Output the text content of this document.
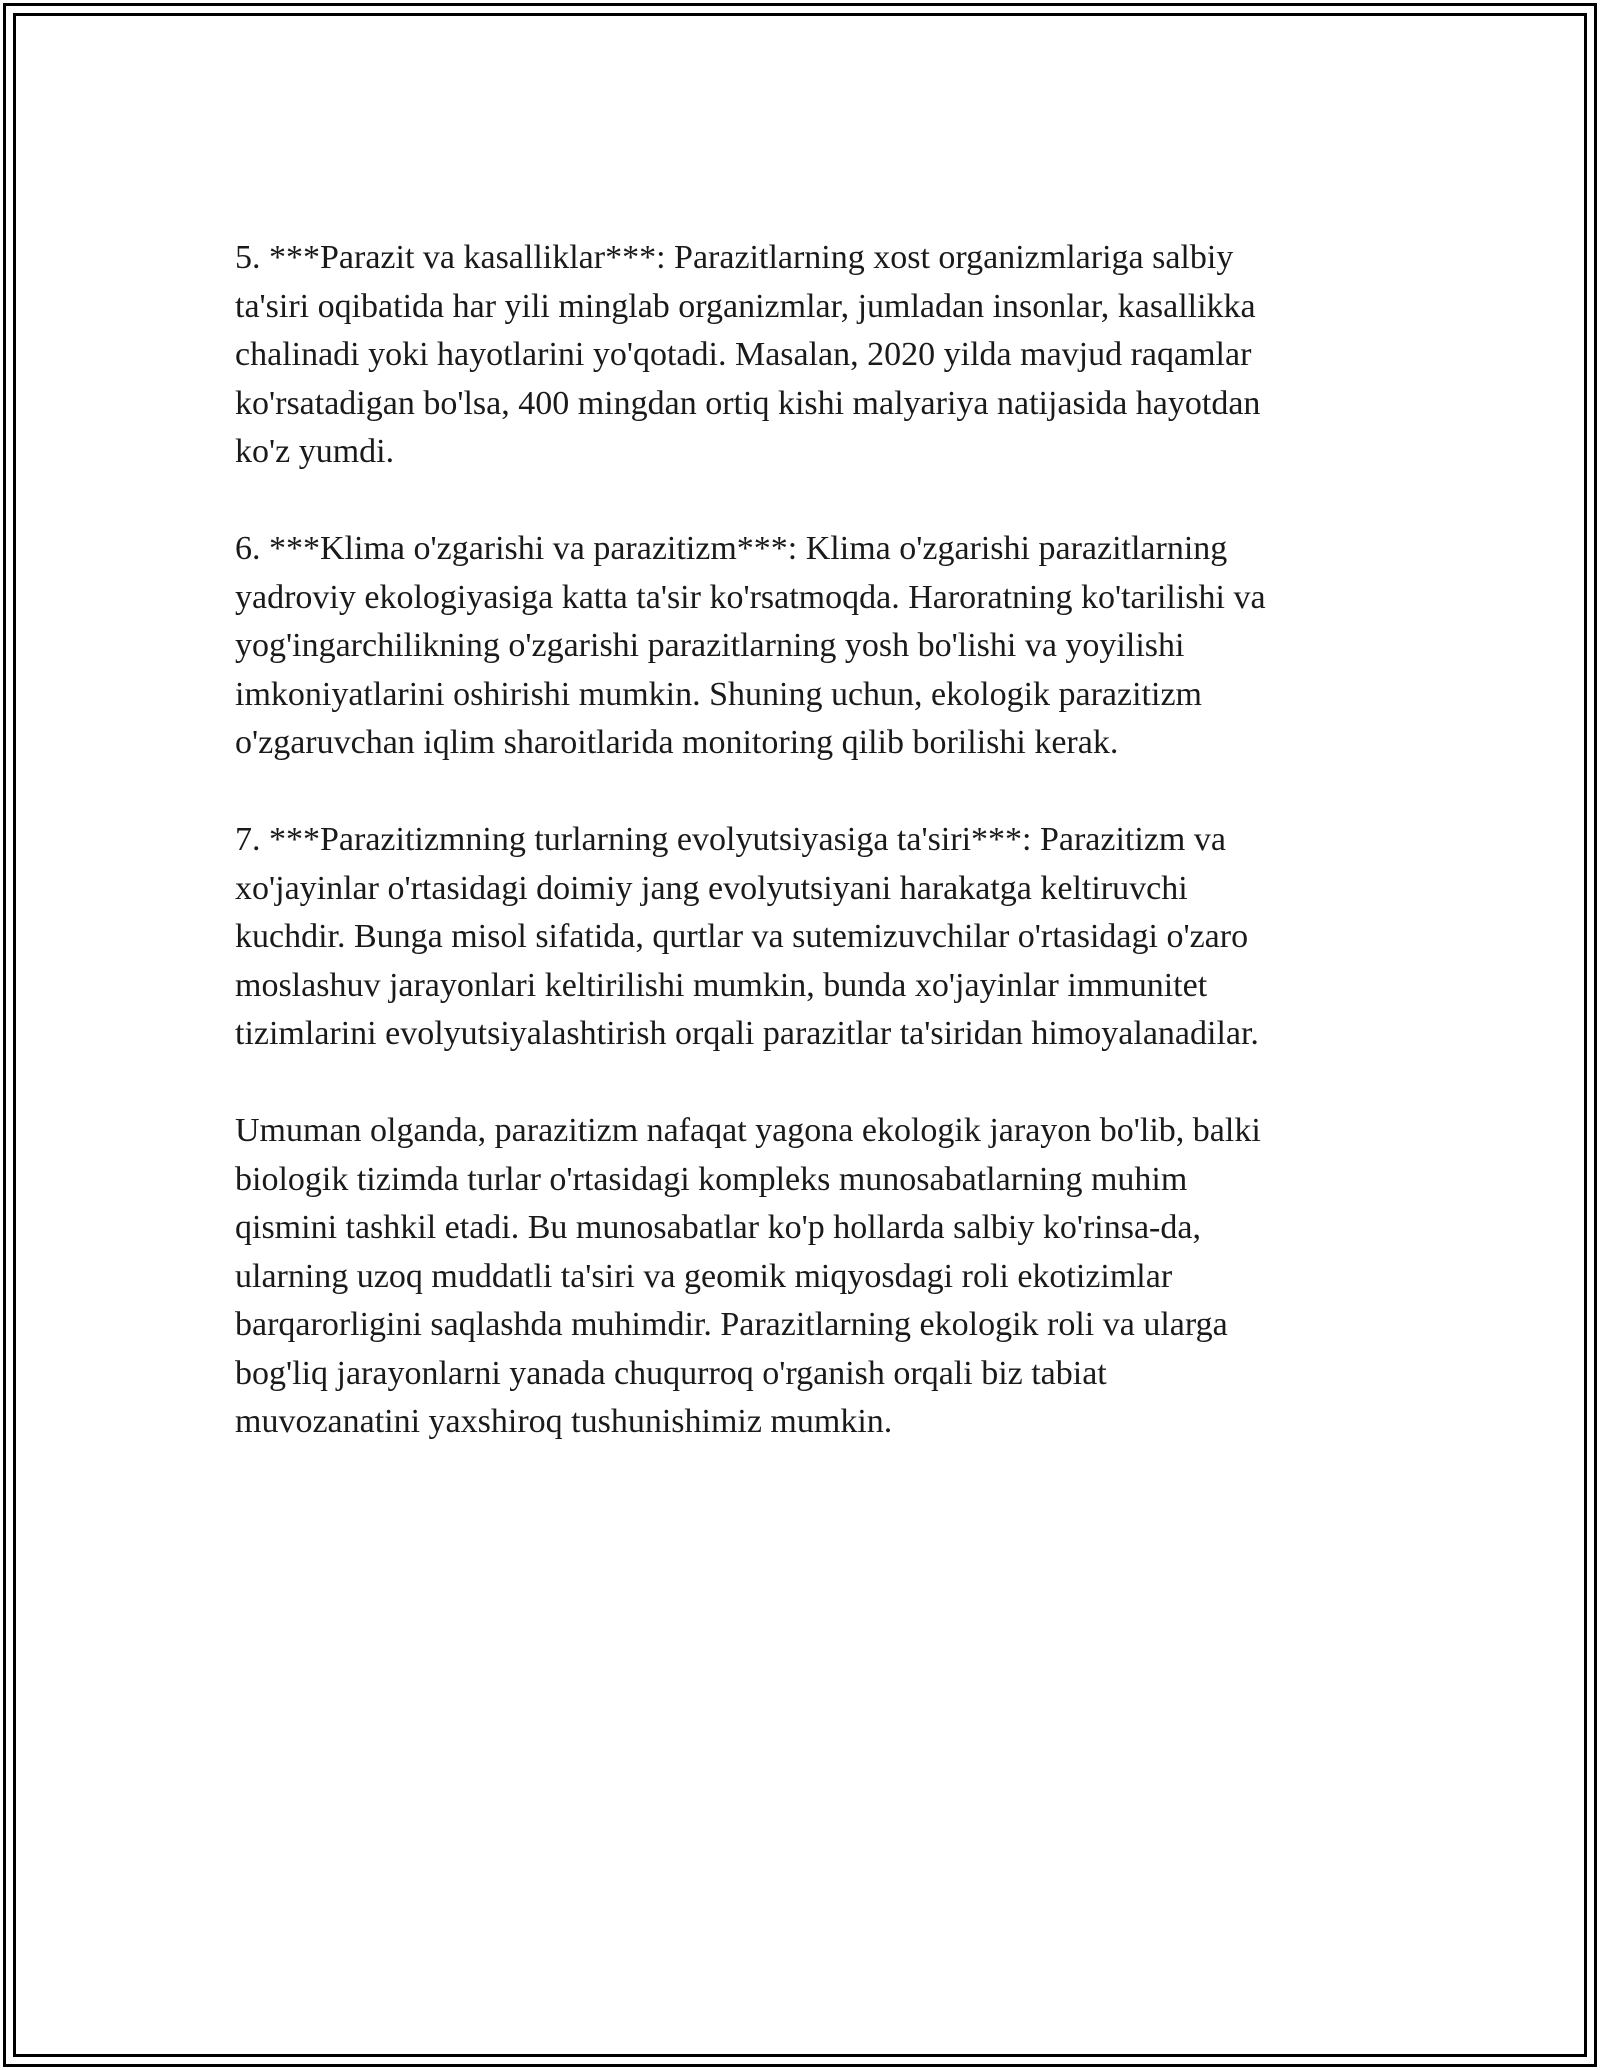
5. ***Parazit va kasalliklar***: Parazitlarning xost organizmlariga salbiy
ta'siri oqibatida har yili minglab organizmlar, jumladan insonlar, kasallikka
chalinadi yoki hayotlarini yo'qotadi. Masalan, 2020 yilda mavjud raqamlar
ko'rsatadigan bo'lsa, 400 mingdan ortiq kishi malyariya natijasida hayotdan
ko'z yumdi.

6. ***Klima o'zgarishi va parazitizm***: Klima o'zgarishi parazitlarning
yadroviy ekologiyasiga katta ta'sir ko'rsatmoqda. Haroratning ko'tarilishi va
yog'ingarchilikning o'zgarishi parazitlarning yosh bo'lishi va yoyilishi
imkoniyatlarini oshirishi mumkin. Shuning uchun, ekologik parazitizm
o'zgaruvchan iqlim sharoitlarida monitoring qilib borilishi kerak.

7. ***Parazitizmning turlarning evolyutsiyasiga ta'siri***: Parazitizm va
xo'jayinlar o'rtasidagi doimiy jang evolyutsiyani harakatga keltiruvchi
kuchdir. Bunga misol sifatida, qurtlar va sutemizuvchilar o'rtasidagi o'zaro
moslashuv jarayonlari keltirilishi mumkin, bunda xo'jayinlar immunitet
tizimlarini evolyutsiyalashtirish orqali parazitlar ta'siridan himoyalanadilar.

Umuman olganda, parazitizm nafaqat yagona ekologik jarayon bo'lib, balki
biologik tizimda turlar o'rtasidagi kompleks munosabatlarning muhim
qismini tashkil etadi. Bu munosabatlar ko'p hollarda salbiy ko'rinsa-da,
ularning uzoq muddatli ta'siri va geomik miqyosdagi roli ekotizimlar
barqarorligini saqlashda muhimdir. Parazitlarning ekologik roli va ularga
bog'liq jarayonlarni yanada chuqurroq o'rganish orqali biz tabiat
muvozanatini yaxshiroq tushunishimiz mumkin.
